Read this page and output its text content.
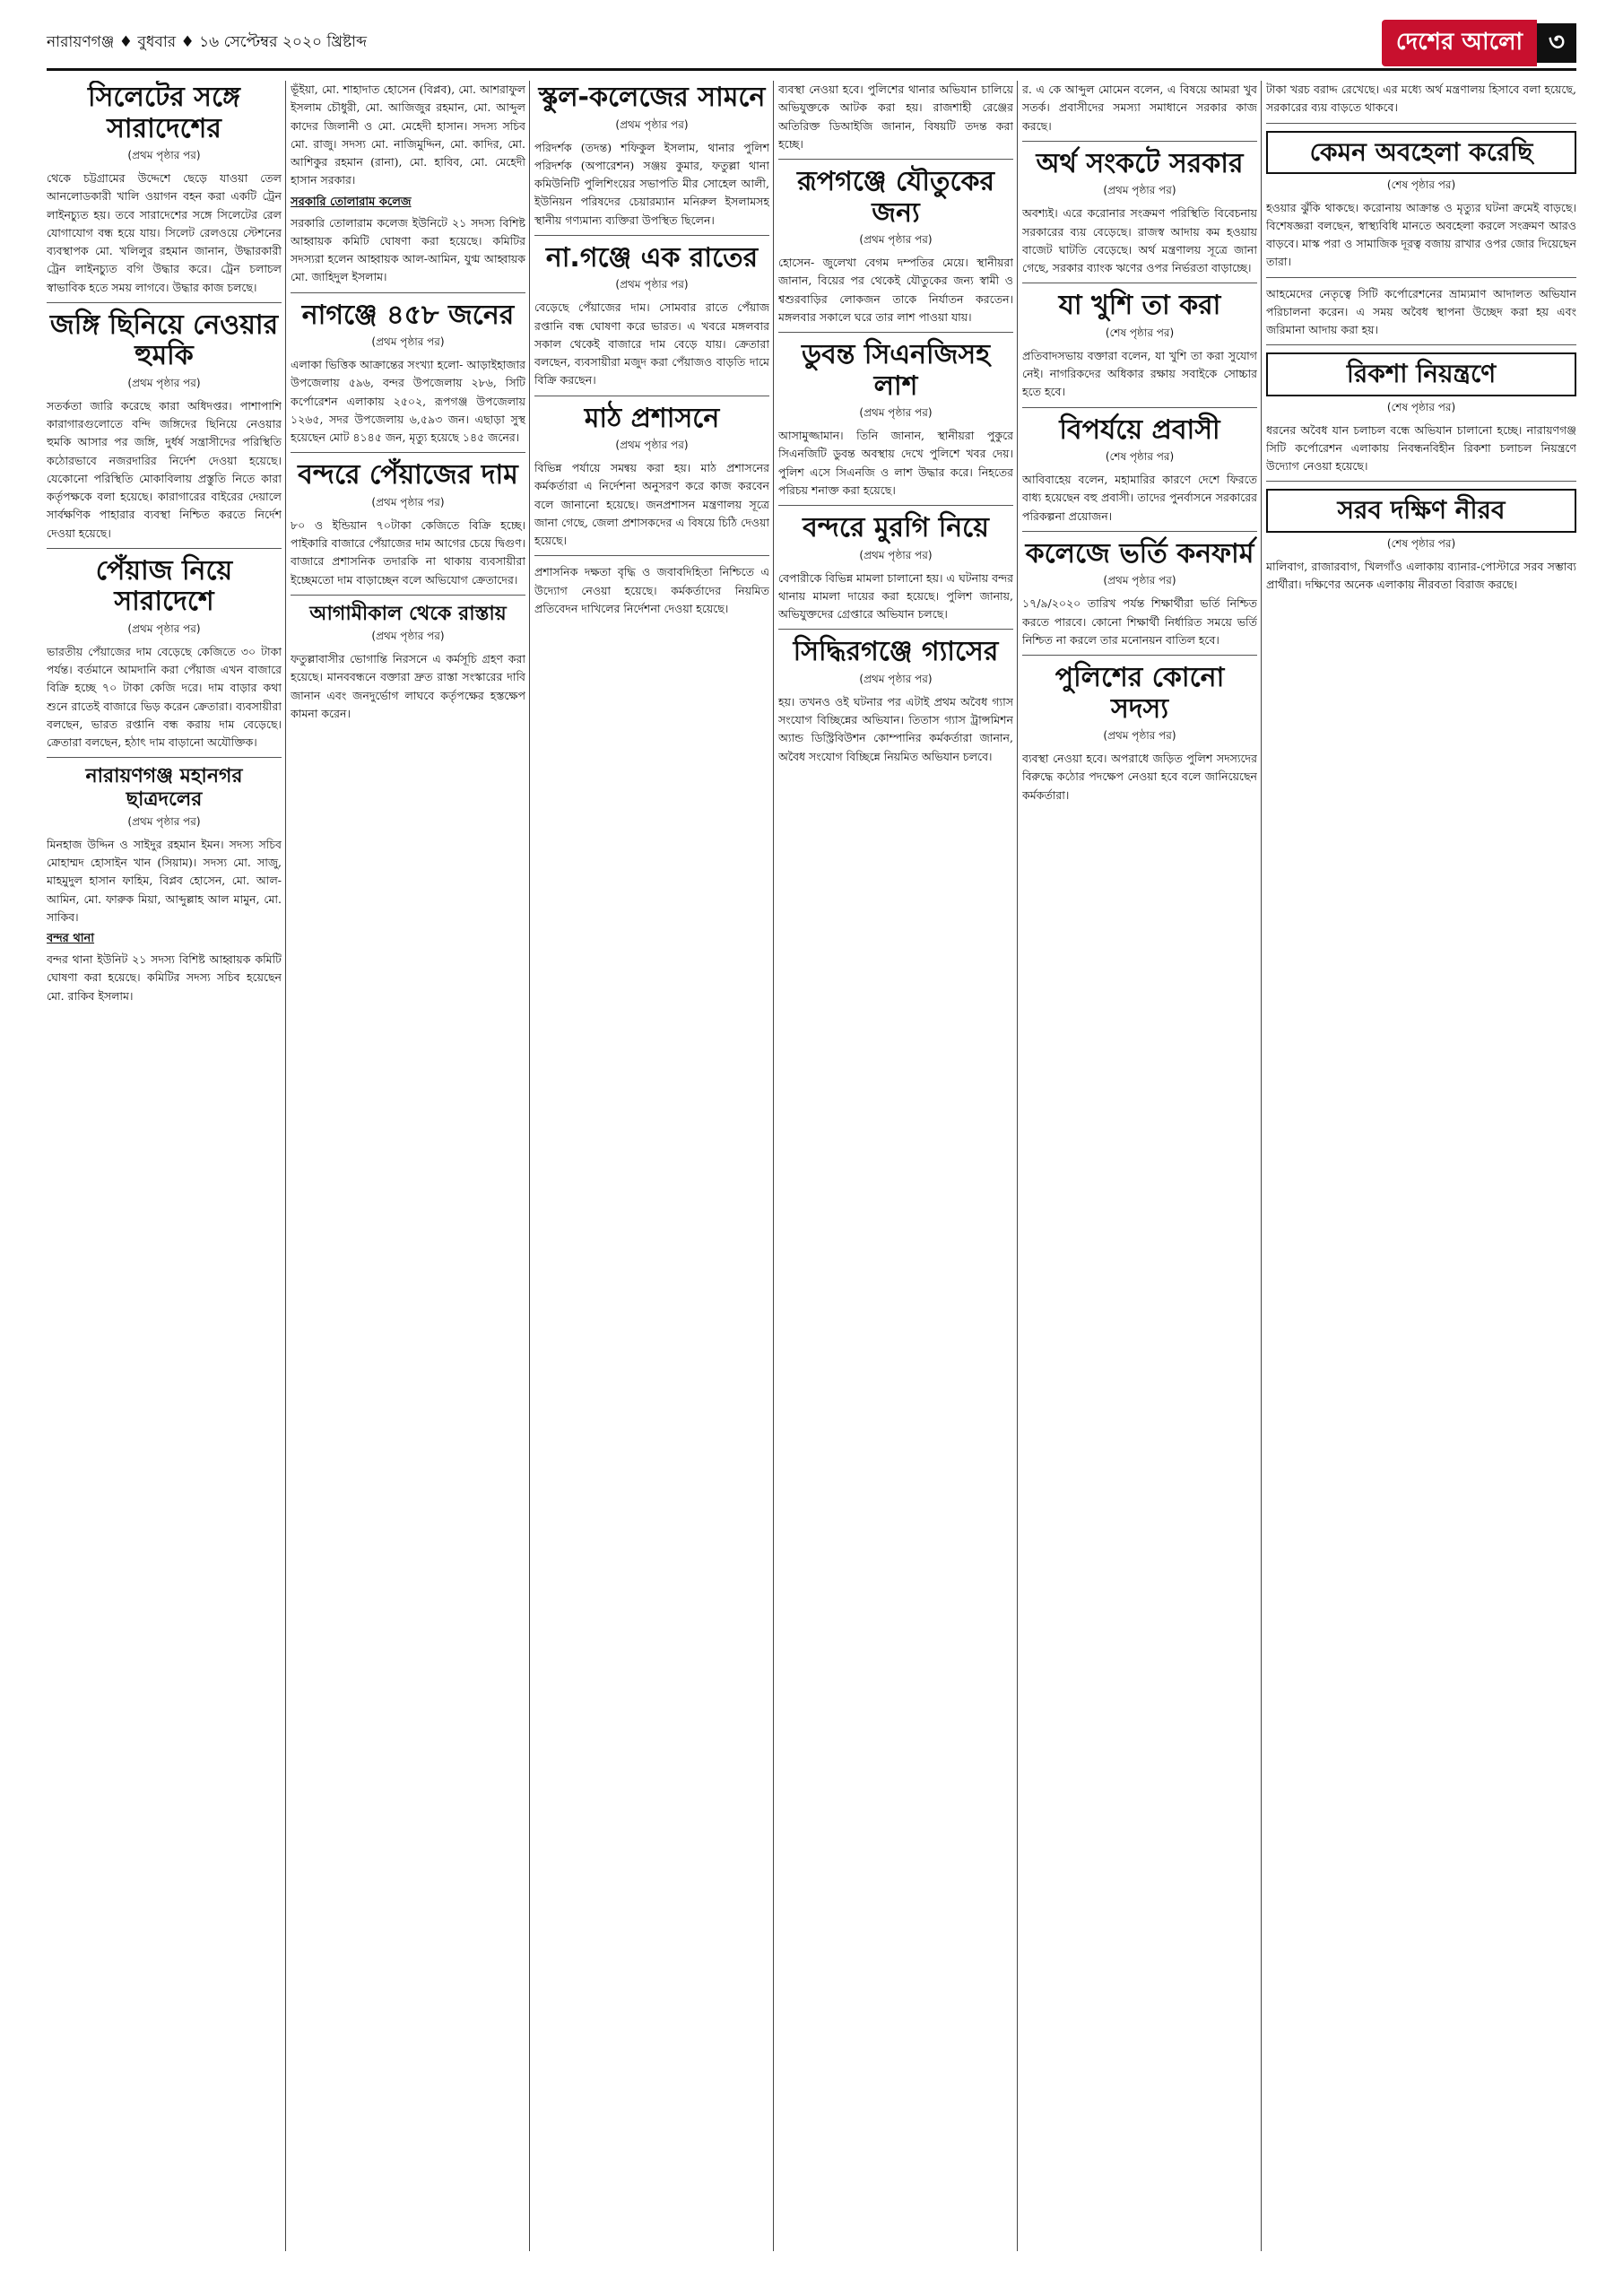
নারায়ণগঞ্জ ♦ বুধবার ♦ ১৬ সেপ্টেম্বর ২০২০ খ্রিষ্টাব্দ	দেশের আলো	৩
সিলেটের সঙ্গে সারাদেশের
(প্রথম পৃষ্ঠার পর)

থেকে চট্টগ্রামের উদ্দেশে ছেড়ে যাওয়া তেল আনলোডকারী খালি ওয়াগন বহন করা একটি ট্রেন লাইনচ্যুত হয়। তবে সারাদেশের সঙ্গে সিলেটের রেল যোগাযোগ বন্ধ হয়ে যায়। সিলেট রেলওয়ে স্টেশনের ব্যবস্থাপক মো. খলিলুর রহমান জানান, উদ্ধারকারী ট্রেন লাইনচ্যুত বগি উদ্ধার করে। ট্রেন চলাচল স্বাভাবিক হতে সময় লাগবে। উদ্ধার কাজ চলছে।

জঙ্গি ছিনিয়ে নেওয়ার হুমকি
(প্রথম পৃষ্ঠার পর)

সতর্কতা জারি করেছে কারা অধিদপ্তর। পাশাপাশি কারাগারগুলোতে বন্দি জঙ্গিদের ছিনিয়ে নেওয়ার হুমকি আসার পর জঙ্গি, দুর্ধর্ষ সন্ত্রাসীদের পরিস্থিতি কঠোরভাবে নজরদারির নির্দেশ দেওয়া হয়েছে। যেকোনো পরিস্থিতি মোকাবিলায় প্রস্তুতি নিতে কারা কর্তৃপক্ষকে বলা হয়েছে। কারাগারের বাইরের দেয়ালে সার্বক্ষণিক পাহারার ব্যবস্থা নিশ্চিত করতে নির্দেশ দেওয়া হয়েছে।

পেঁয়াজ নিয়ে সারাদেশে
(প্রথম পৃষ্ঠার পর)

ভারতীয় পেঁয়াজের দাম বেড়েছে কেজিতে ৩০ টাকা পর্যন্ত। বর্তমানে আমদানি করা পেঁয়াজ এখন বাজারে বিক্রি হচ্ছে ৭০ টাকা কেজি দরে। দাম বাড়ার কথা শুনে রাতেই বাজারে ভিড় করেন ক্রেতারা। ব্যবসায়ীরা বলছেন, ভারত রপ্তানি বন্ধ করায় দাম বেড়েছে। ক্রেতারা বলছেন, হঠাৎ দাম বাড়ানো অযৌক্তিক।

নারায়ণগঞ্জ মহানগর ছাত্রদলের
(প্রথম পৃষ্ঠার পর)

মিনহাজ উদ্দিন ও সাইদুর রহমান ইমন। সদস্য সচিব মোহাম্মদ হোসাইন খান (সিয়াম)। সদস্য মো. সাজু, মাহমুদুল হাসান ফাহিম, বিপ্লব হোসেন, মো. আল-আমিন, মো. ফারুক মিয়া, আব্দুল্লাহ আল মামুন, মো. সাকিব।

বন্দর থানা

বন্দর থানা ইউনিট ২১ সদস্য বিশিষ্ট আহ্বায়ক কমিটি ঘোষণা করা হয়েছে। কমিটির সদস্য সচিব হয়েছেন মো. রাকিব ইসলাম।

ভূঁইয়া, মো. শাহাদাত হোসেন (বিপ্লব), মো. আশরাফুল ইসলাম চৌধুরী, মো. আজিজুর রহমান, মো. আব্দুল কাদের জিলানী ও মো. মেহেদী হাসান। সদস্য সচিব মো. রাজু। সদস্য মো. নাজিমুদ্দিন, মো. কাদির, মো. আশিকুর রহমান (রানা), মো. হাবিব, মো. মেহেদী হাসান সরকার।

সরকারি তোলারাম কলেজ

সরকারি তোলারাম কলেজ ইউনিটে ২১ সদস্য বিশিষ্ট আহ্বায়ক কমিটি ঘোষণা করা হয়েছে। কমিটির সদস্যরা হলেন আহ্বায়ক আল-আমিন, যুগ্ম আহ্বায়ক মো. জাহিদুল ইসলাম।

নাগঞ্জে ৪৫৮ জনের
(প্রথম পৃষ্ঠার পর)

এলাকা ভিত্তিক আক্রান্তের সংখ্যা হলো- আড়াইহাজার উপজেলায় ৫৯৬, বন্দর উপজেলায় ২৮৬, সিটি কর্পোরেশন এলাকায় ২৫০২, রূপগঞ্জ উপজেলায় ১২৬৫, সদর উপজেলায় ৬,৫৯৩ জন। এছাড়া সুস্থ হয়েছেন মোট ৪১৪৫ জন, মৃত্যু হয়েছে ১৪৫ জনের।

বন্দরে পেঁয়াজের দাম
(প্রথম পৃষ্ঠার পর)

৮০ ও ইন্ডিয়ান ৭০টাকা কেজিতে বিক্রি হচ্ছে। পাইকারি বাজারে পেঁয়াজের দাম আগের চেয়ে দ্বিগুণ। বাজারে প্রশাসনিক তদারকি না থাকায় ব্যবসায়ীরা ইচ্ছেমতো দাম বাড়াচ্ছেন বলে অভিযোগ ক্রেতাদের।

আগামীকাল থেকে রাস্তায়
(প্রথম পৃষ্ঠার পর)

ফতুল্লাবাসীর ভোগান্তি নিরসনে এ কর্মসূচি গ্রহণ করা হয়েছে। মানববন্ধনে বক্তারা দ্রুত রাস্তা সংস্কারের দাবি জানান এবং জনদুর্ভোগ লাঘবে কর্তৃপক্ষের হস্তক্ষেপ কামনা করেন।

স্কুল-কলেজের সামনে
(প্রথম পৃষ্ঠার পর)

পরিদর্শক (তদন্ত) শফিকুল ইসলাম, থানার পুলিশ পরিদর্শক (অপারেশন) সঞ্জয় কুমার, ফতুল্লা থানা কমিউনিটি পুলিশিংয়ের সভাপতি মীর সোহেল আলী, ইউনিয়ন পরিষদের চেয়ারম্যান মনিরুল ইসলামসহ স্থানীয় গণ্যমান্য ব্যক্তিরা উপস্থিত ছিলেন।

না.গঞ্জে এক রাতের
(প্রথম পৃষ্ঠার পর)

বেড়েছে পেঁয়াজের দাম। সোমবার রাতে পেঁয়াজ রপ্তানি বন্ধ ঘোষণা করে ভারত। এ খবরে মঙ্গলবার সকাল থেকেই বাজারে দাম বেড়ে যায়। ক্রেতারা বলছেন, ব্যবসায়ীরা মজুদ করা পেঁয়াজও বাড়তি দামে বিক্রি করছেন।

মাঠ প্রশাসনে
(প্রথম পৃষ্ঠার পর)

বিভিন্ন পর্যায়ে সমন্বয় করা হয়। মাঠ প্রশাসনের কর্মকর্তারা এ নির্দেশনা অনুসরণ করে কাজ করবেন বলে জানানো হয়েছে। জনপ্রশাসন মন্ত্রণালয় সূত্রে জানা গেছে, জেলা প্রশাসকদের এ বিষয়ে চিঠি দেওয়া হয়েছে।

প্রশাসনিক দক্ষতা বৃদ্ধি ও জবাবদিহিতা নিশ্চিতে এ উদ্যোগ নেওয়া হয়েছে। কর্মকর্তাদের নিয়মিত প্রতিবেদন দাখিলের নির্দেশনা দেওয়া হয়েছে।

ব্যবস্থা নেওয়া হবে। পুলিশের থানার অভিযান চালিয়ে অভিযুক্তকে আটক করা হয়। রাজশাহী রেঞ্জের অতিরিক্ত ডিআইজি জানান, বিষয়টি তদন্ত করা হচ্ছে।

রূপগঞ্জে যৌতুকের জন্য
(প্রথম পৃষ্ঠার পর)

হোসেন- জুলেখা বেগম দম্পতির মেয়ে। স্থানীয়রা জানান, বিয়ের পর থেকেই যৌতুকের জন্য স্বামী ও শ্বশুরবাড়ির লোকজন তাকে নির্যাতন করতেন। মঙ্গলবার সকালে ঘরে তার লাশ পাওয়া যায়।

ডুবন্ত সিএনজিসহ লাশ
(প্রথম পৃষ্ঠার পর)

আসামুজ্জামান। তিনি জানান, স্থানীয়রা পুকুরে সিএনজিটি ডুবন্ত অবস্থায় দেখে পুলিশে খবর দেয়। পুলিশ এসে সিএনজি ও লাশ উদ্ধার করে। নিহতের পরিচয় শনাক্ত করা হয়েছে।

বন্দরে মুরগি নিয়ে
(প্রথম পৃষ্ঠার পর)

বেপারীকে বিভিন্ন মামলা চালানো হয়। এ ঘটনায় বন্দর থানায় মামলা দায়ের করা হয়েছে। পুলিশ জানায়, অভিযুক্তদের গ্রেপ্তারে অভিযান চলছে।

সিদ্ধিরগঞ্জে গ্যাসের
(প্রথম পৃষ্ঠার পর)

হয়। তখনও ওই ঘটনার পর এটাই প্রথম অবৈধ গ্যাস সংযোগ বিচ্ছিন্নের অভিযান। তিতাস গ্যাস ট্রান্সমিশন অ্যান্ড ডিস্ট্রিবিউশন কোম্পানির কর্মকর্তারা জানান, অবৈধ সংযোগ বিচ্ছিন্নে নিয়মিত অভিযান চলবে।

র. এ কে আব্দুল মোমেন বলেন, এ বিষয়ে আমরা খুব সতর্ক। প্রবাসীদের সমস্যা সমাধানে সরকার কাজ করছে।

অর্থ সংকটে সরকার
(প্রথম পৃষ্ঠার পর)

অবশ্যই। এরে করোনার সংক্রমণ পরিস্থিতি বিবেচনায় সরকারের ব্যয় বেড়েছে। রাজস্ব আদায় কম হওয়ায় বাজেট ঘাটতি বেড়েছে। অর্থ মন্ত্রণালয় সূত্রে জানা গেছে, সরকার ব্যাংক ঋণের ওপর নির্ভরতা বাড়াচ্ছে।

যা খুশি তা করা
(শেষ পৃষ্ঠার পর)

প্রতিবাদসভায় বক্তারা বলেন, যা খুশি তা করা সুযোগ নেই। নাগরিকদের অধিকার রক্ষায় সবাইকে সোচ্চার হতে হবে।

বিপর্যয়ে প্রবাসী
(শেষ পৃষ্ঠার পর)

আবিবাহেয় বলেন, মহামারির কারণে দেশে ফিরতে বাধ্য হয়েছেন বহু প্রবাসী। তাদের পুনর্বাসনে সরকারের পরিকল্পনা প্রয়োজন।

কলেজে ভর্তি কনফার্ম
(প্রথম পৃষ্ঠার পর)

১৭/৯/২০২০ তারিখ পর্যন্ত শিক্ষার্থীরা ভর্তি নিশ্চিত করতে পারবে। কোনো শিক্ষার্থী নির্ধারিত সময়ে ভর্তি নিশ্চিত না করলে তার মনোনয়ন বাতিল হবে।

পুলিশের কোনো সদস্য
(প্রথম পৃষ্ঠার পর)

ব্যবস্থা নেওয়া হবে। অপরাধে জড়িত পুলিশ সদস্যদের বিরুদ্ধে কঠোর পদক্ষেপ নেওয়া হবে বলে জানিয়েছেন কর্মকর্তারা।

টাকা খরচ বরাদ্দ রেখেছে। এর মধ্যে অর্থ মন্ত্রণালয় হিসাবে বলা হয়েছে, সরকারের ব্যয় বাড়তে থাকবে।

কেমন অবহেলা করেছি
(শেষ পৃষ্ঠার পর)

হওয়ার ঝুঁকি থাকছে। করোনায় আক্রান্ত ও মৃত্যুর ঘটনা ক্রমেই বাড়ছে। বিশেষজ্ঞরা বলছেন, স্বাস্থ্যবিধি মানতে অবহেলা করলে সংক্রমণ আরও বাড়বে। মাস্ক পরা ও সামাজিক দূরত্ব বজায় রাখার ওপর জোর দিয়েছেন তারা।

আহমেদের নেতৃত্বে সিটি কর্পোরেশনের ভ্রাম্যমাণ আদালত অভিযান পরিচালনা করেন। এ সময় অবৈধ স্থাপনা উচ্ছেদ করা হয় এবং জরিমানা আদায় করা হয়।

রিকশা নিয়ন্ত্রণে
(শেষ পৃষ্ঠার পর)

ধরনের অবৈধ যান চলাচল বন্ধে অভিযান চালানো হচ্ছে। নারায়ণগঞ্জ সিটি কর্পোরেশন এলাকায় নিবন্ধনবিহীন রিকশা চলাচল নিয়ন্ত্রণে উদ্যোগ নেওয়া হয়েছে।

সরব দক্ষিণ নীরব
(শেষ পৃষ্ঠার পর)

মালিবাগ, রাজারবাগ, খিলগাঁও এলাকায় ব্যানার-পোস্টারে সরব সম্ভাব্য প্রার্থীরা। দক্ষিণের অনেক এলাকায় নীরবতা বিরাজ করছে।
